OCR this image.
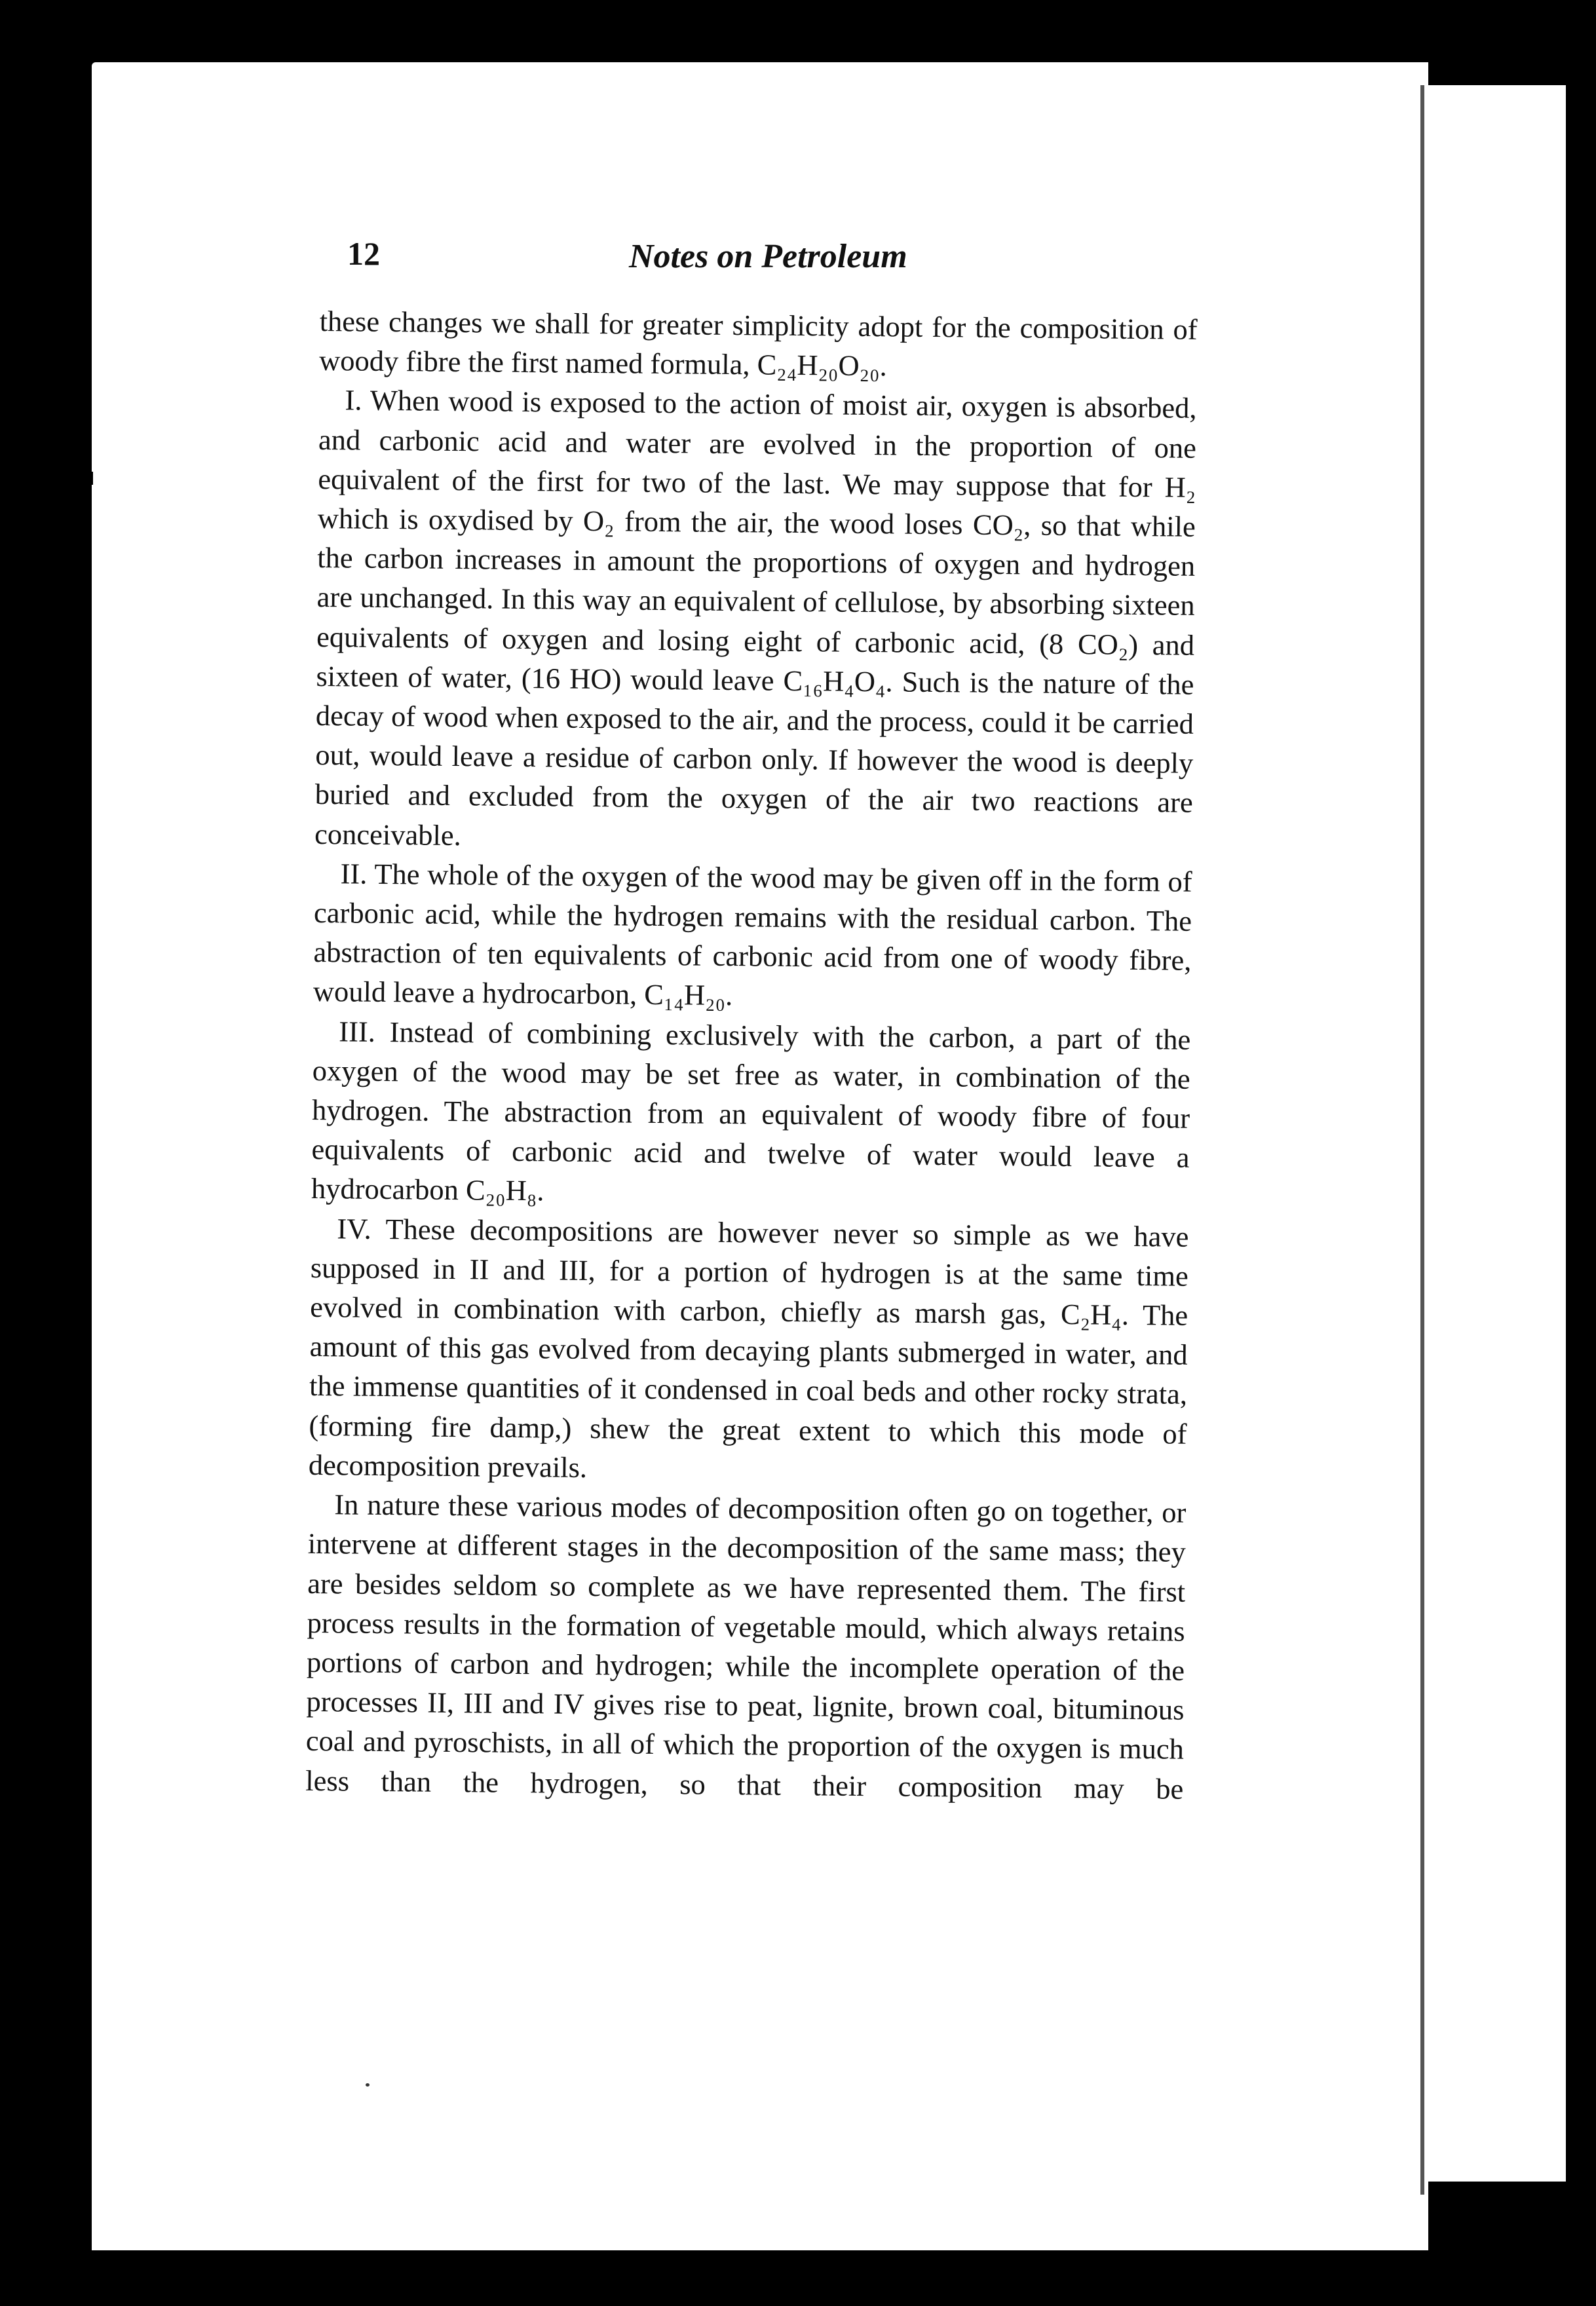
12	Notes on Petroleum

these changes we shall for greater simplicity adopt for the composition of woody fibre the first named formula, C₂₄H₂₀O₂₀.

I. When wood is exposed to the action of moist air, oxygen is absorbed, and carbonic acid and water are evolved in the proportion of one equivalent of the first for two of the last. We may suppose that for H₂ which is oxydised by O₂ from the air, the wood loses CO₂, so that while the carbon increases in amount the proportions of oxygen and hydrogen are unchanged. In this way an equivalent of cellulose, by absorbing sixteen equivalents of oxygen and losing eight of carbonic acid, (8 CO₂) and sixteen of water, (16 HO) would leave C₁₆H₄O₄. Such is the nature of the decay of wood when exposed to the air, and the process, could it be carried out, would leave a residue of carbon only. If however the wood is deeply buried and excluded from the oxygen of the air two reactions are conceivable.

II. The whole of the oxygen of the wood may be given off in the form of carbonic acid, while the hydrogen remains with the residual carbon. The abstraction of ten equivalents of carbonic acid from one of woody fibre, would leave a hydrocarbon, C₁₄H₂₀.

III. Instead of combining exclusively with the carbon, a part of the oxygen of the wood may be set free as water, in combination of the hydrogen. The abstraction from an equivalent of woody fibre of four equivalents of carbonic acid and twelve of water would leave a hydrocarbon C₂₀H₈.

IV. These decompositions are however never so simple as we have supposed in II and III, for a portion of hydrogen is at the same time evolved in combination with carbon, chiefly as marsh gas, C₂H₄. The amount of this gas evolved from decaying plants submerged in water, and the immense quantities of it condensed in coal beds and other rocky strata, (forming fire damp,) shew the great extent to which this mode of decomposition prevails.

In nature these various modes of decomposition often go on together, or intervene at different stages in the decomposition of the same mass; they are besides seldom so complete as we have represented them. The first process results in the formation of vegetable mould, which always retains portions of carbon and hydrogen; while the incomplete operation of the processes II, III and IV gives rise to peat, lignite, brown coal, bituminous coal and pyroschists, in all of which the proportion of the oxygen is much less than the hydrogen, so that their composition may be
